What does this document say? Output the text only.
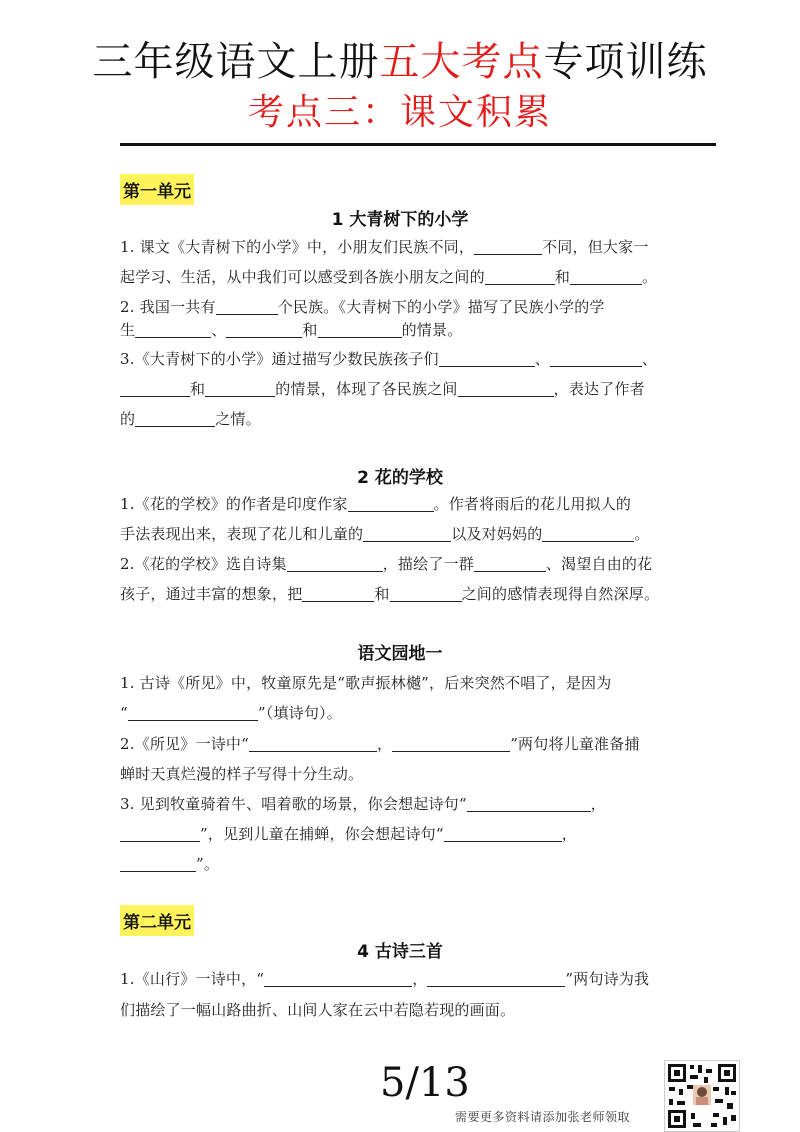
三年级语文上册五大考点专项训练
考点三：课文积累
第一单元
1 大青树下的小学
1. 课文《大青树下的小学》中，小朋友们民族不同，	不同，但大家一
起学习、生活，从中我们可以感受到各族小朋友之间的	和	。
2. 我国一共有	个民族。《大青树下的小学》描写了民族小学的学
生	、	和	的情景。
3.《大青树下的小学》通过描写少数民族孩子们	、	、
和	的情景，体现了各民族之间	，表达了作者
的	之情。
2 花的学校
1.《花的学校》的作者是印度作家	。作者将雨后的花儿用拟人的
手法表现出来，表现了花儿和儿童的	以及对妈妈的	。
2.《花的学校》选自诗集	，描绘了一群	、渴望自由的花
孩子，通过丰富的想象，把	和	之间的感情表现得自然深厚。
语文园地一
1. 古诗《所见》中，牧童原先是“歌声振林樾”，后来突然不唱了，是因为
“	”（填诗句）。
2.《所见》一诗中“	，	”两句将儿童准备捕
蝉时天真烂漫的样子写得十分生动。
3. 见到牧童骑着牛、唱着歌的场景，你会想起诗句“	，
”，见到儿童在捕蝉，你会想起诗句“	，
”。
第二单元
4 古诗三首
1.《山行》一诗中，“	，	”两句诗为我
们描绘了一幅山路曲折、山间人家在云中若隐若现的画面。
5/13
需要更多资料请添加张老师领取
